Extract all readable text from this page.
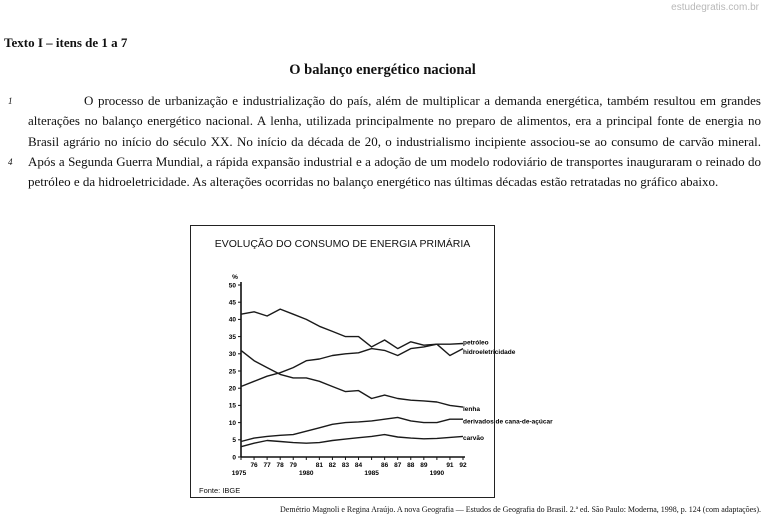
estudegratis.com.br
Texto I – itens de 1 a 7
O balanço energético nacional
1
4

O processo de urbanização e industrialização do país, além de multiplicar a demanda energética, também resultou em grandes alterações no balanço energético nacional. A lenha, utilizada principalmente no preparo de alimentos, era a principal fonte de energia no Brasil agrário no início do século XX. No início da década de 20, o industrialismo incipiente associou-se ao consumo de carvão mineral. Após a Segunda Guerra Mundial, a rápida expansão industrial e a adoção de um modelo rodoviário de transportes inauguraram o reinado do petróleo e da hidroeletricidade. As alterações ocorridas no balanço energético nas últimas décadas estão retratadas no gráfico abaixo.

EVOLUÇÃO DO CONSUMO DE ENERGIA PRIMÁRIA
%
0
5
10
15
20
25
30
35
40
45
50
76 77 78 79	81 82 83 84	86 87 88 89	91 92
1975	1980	1985	1990
petróleo
hidroeletricidade
lenha
derivados de cana-de-açúcar
carvão
Fonte: IBGE
Demétrio Magnoli e Regina Araújo. A nova Geografia — Estudos de Geografia do Brasil. 2.ª ed. São Paulo: Moderna, 1998, p. 124 (com adaptações).
